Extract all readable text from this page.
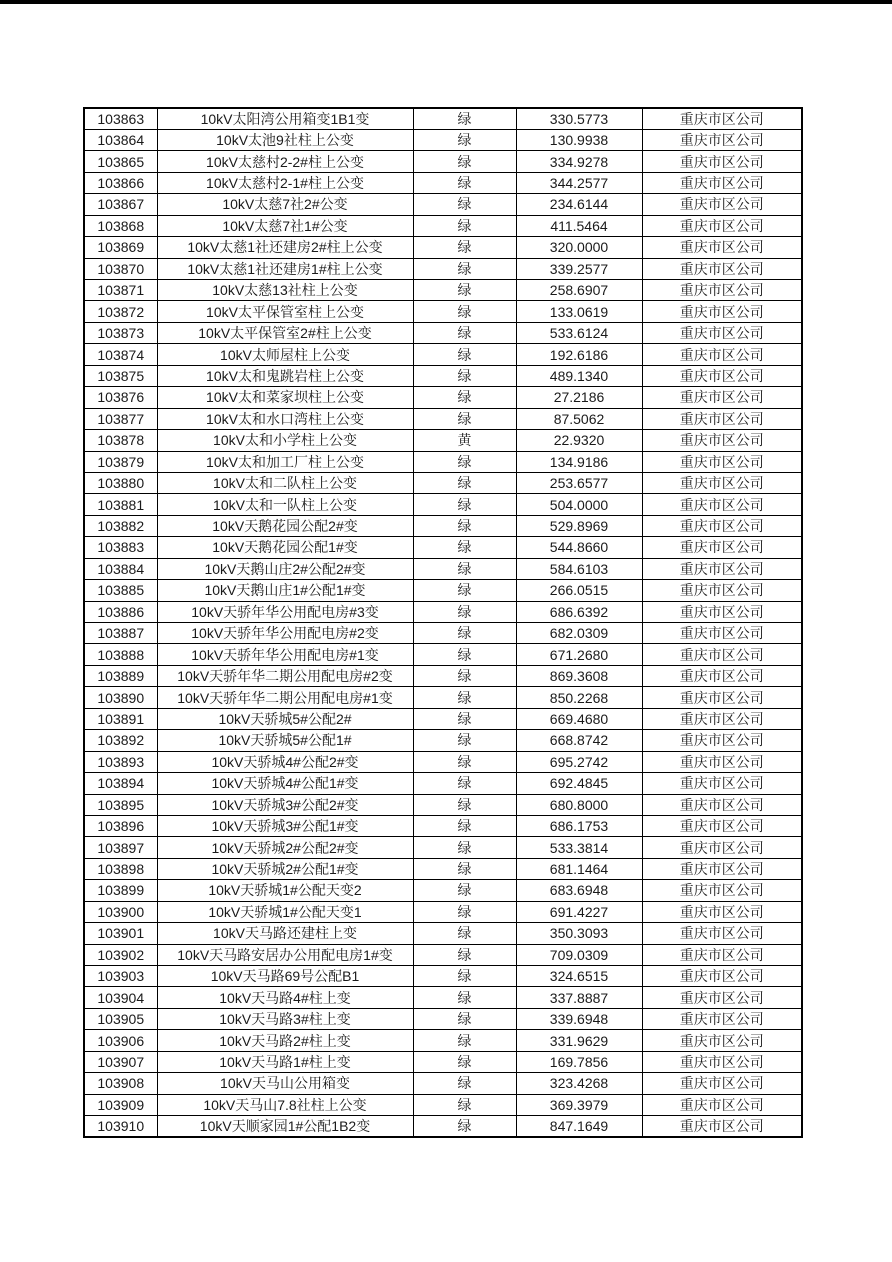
103863	10kV太阳湾公用箱变1B1变	绿	330.5773	重庆市区公司
103864	10kV太池9社柱上公变	绿	130.9938	重庆市区公司
103865	10kV太慈村2-2#柱上公变	绿	334.9278	重庆市区公司
103866	10kV太慈村2-1#柱上公变	绿	344.2577	重庆市区公司
103867	10kV太慈7社2#公变	绿	234.6144	重庆市区公司
103868	10kV太慈7社1#公变	绿	411.5464	重庆市区公司
103869	10kV太慈1社还建房2#柱上公变	绿	320.0000	重庆市区公司
103870	10kV太慈1社还建房1#柱上公变	绿	339.2577	重庆市区公司
103871	10kV太慈13社柱上公变	绿	258.6907	重庆市区公司
103872	10kV太平保管室柱上公变	绿	133.0619	重庆市区公司
103873	10kV太平保管室2#柱上公变	绿	533.6124	重庆市区公司
103874	10kV太师屋柱上公变	绿	192.6186	重庆市区公司
103875	10kV太和鬼跳岩柱上公变	绿	489.1340	重庆市区公司
103876	10kV太和菜家坝柱上公变	绿	27.2186	重庆市区公司
103877	10kV太和水口湾柱上公变	绿	87.5062	重庆市区公司
103878	10kV太和小学柱上公变	黄	22.9320	重庆市区公司
103879	10kV太和加工厂柱上公变	绿	134.9186	重庆市区公司
103880	10kV太和二队柱上公变	绿	253.6577	重庆市区公司
103881	10kV太和一队柱上公变	绿	504.0000	重庆市区公司
103882	10kV天鹅花园公配2#变	绿	529.8969	重庆市区公司
103883	10kV天鹅花园公配1#变	绿	544.8660	重庆市区公司
103884	10kV天鹅山庄2#公配2#变	绿	584.6103	重庆市区公司
103885	10kV天鹅山庄1#公配1#变	绿	266.0515	重庆市区公司
103886	10kV天骄年华公用配电房#3变	绿	686.6392	重庆市区公司
103887	10kV天骄年华公用配电房#2变	绿	682.0309	重庆市区公司
103888	10kV天骄年华公用配电房#1变	绿	671.2680	重庆市区公司
103889	10kV天骄年华二期公用配电房#2变	绿	869.3608	重庆市区公司
103890	10kV天骄年华二期公用配电房#1变	绿	850.2268	重庆市区公司
103891	10kV天骄城5#公配2#	绿	669.4680	重庆市区公司
103892	10kV天骄城5#公配1#	绿	668.8742	重庆市区公司
103893	10kV天骄城4#公配2#变	绿	695.2742	重庆市区公司
103894	10kV天骄城4#公配1#变	绿	692.4845	重庆市区公司
103895	10kV天骄城3#公配2#变	绿	680.8000	重庆市区公司
103896	10kV天骄城3#公配1#变	绿	686.1753	重庆市区公司
103897	10kV天骄城2#公配2#变	绿	533.3814	重庆市区公司
103898	10kV天骄城2#公配1#变	绿	681.1464	重庆市区公司
103899	10kV天骄城1#公配天变2	绿	683.6948	重庆市区公司
103900	10kV天骄城1#公配天变1	绿	691.4227	重庆市区公司
103901	10kV天马路还建柱上变	绿	350.3093	重庆市区公司
103902	10kV天马路安居办公用配电房1#变	绿	709.0309	重庆市区公司
103903	10kV天马路69号公配B1	绿	324.6515	重庆市区公司
103904	10kV天马路4#柱上变	绿	337.8887	重庆市区公司
103905	10kV天马路3#柱上变	绿	339.6948	重庆市区公司
103906	10kV天马路2#柱上变	绿	331.9629	重庆市区公司
103907	10kV天马路1#柱上变	绿	169.7856	重庆市区公司
103908	10kV天马山公用箱变	绿	323.4268	重庆市区公司
103909	10kV天马山7.8社柱上公变	绿	369.3979	重庆市区公司
103910	10kV天顺家园1#公配1B2变	绿	847.1649	重庆市区公司
